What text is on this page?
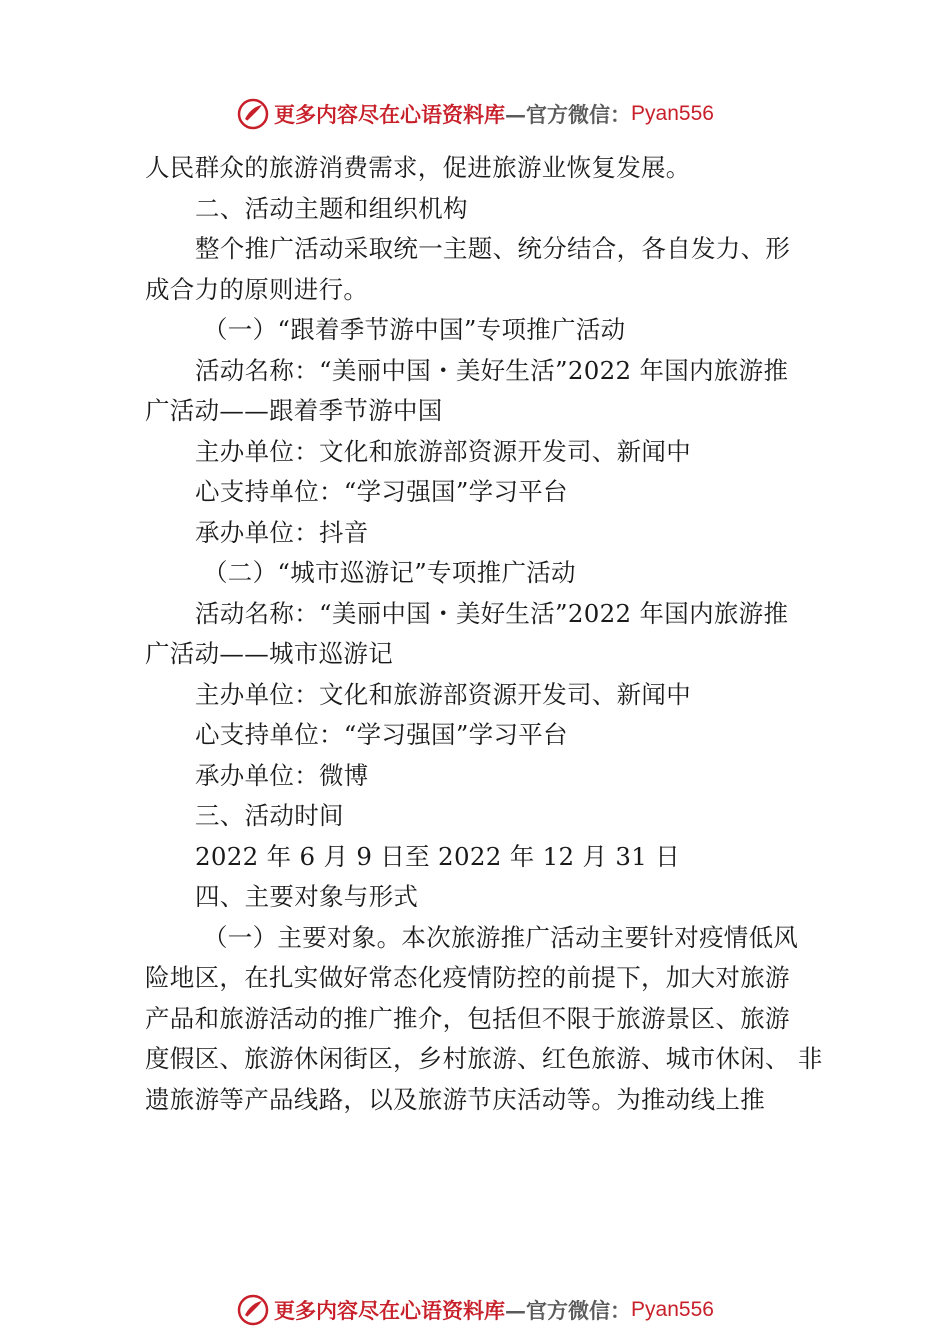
更多内容尽在心语资料库 — 官方微信： Pyan556
人民群众的旅游消费需求，促进旅游业恢复发展。
二、活动主题和组织机构
整个推广活动采取统一主题、统分结合，各自发力、形
成合力的原则进行。
（一）“跟着季节游中国”专项推广活动
活动名称：“美丽中国・美好生活”2022 年国内旅游推
广活动——跟着季节游中国
主办单位：文化和旅游部资源开发司、新闻中
心支持单位：“学习强国”学习平台
承办单位：抖音
（二）“城市巡游记”专项推广活动
活动名称：“美丽中国・美好生活”2022 年国内旅游推
广活动——城市巡游记
主办单位：文化和旅游部资源开发司、新闻中
心支持单位：“学习强国”学习平台
承办单位：微博
三、活动时间
2022 年 6 月 9 日至 2022 年 12 月 31 日
四、主要对象与形式
（一）主要对象。本次旅游推广活动主要针对疫情低风
险地区，在扎实做好常态化疫情防控的前提下，加大对旅游
产品和旅游活动的推广推介，包括但不限于旅游景区、旅游
度假区、旅游休闲街区，乡村旅游、红色旅游、城市休闲、 非
遗旅游等产品线路，以及旅游节庆活动等。为推动线上推
更多内容尽在心语资料库 — 官方微信： Pyan556
